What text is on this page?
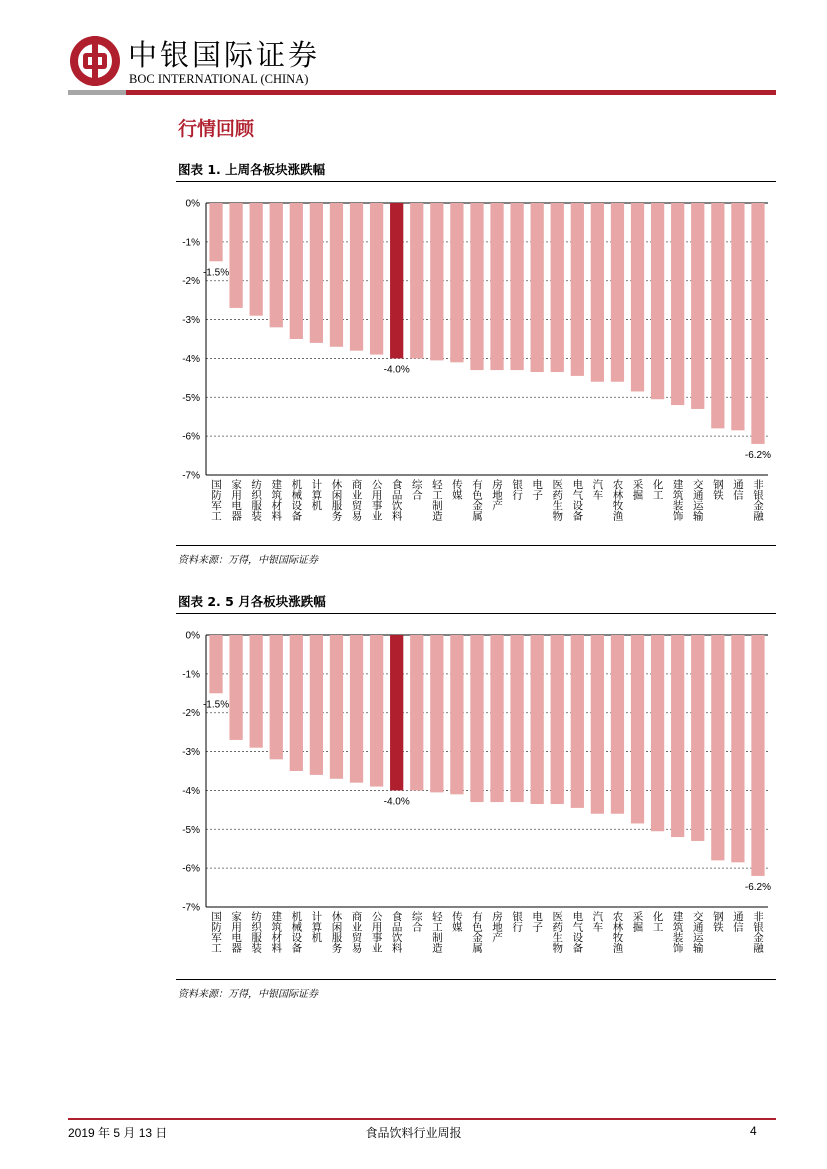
中银国际证券
BOC INTERNATIONAL (CHINA)
行情回顾
图表 1. 上周各板块涨跌幅
0%
-1%
-2%
-3%
-4%
-5%
-6%
-7%
国防军工 家用电器 纺织服装 建筑材料 机械设备 计算机 休闲服务 商业贸易 公用事业 食品饮料 综合 轻工制造 传媒 有色金属 房地产 银行 电子 医药生物 电气设备 汽车 农林牧渔 采掘 化工 建筑装饰 交通运输 钢铁 通信 非银金融
-1.5%
-4.0%
-6.2%
资料来源：万得，中银国际证券
图表 2. 5 月各板块涨跌幅
0%
-1%
-2%
-3%
-4%
-5%
-6%
-7%
国防军工 家用电器 纺织服装 建筑材料 机械设备 计算机 休闲服务 商业贸易 公用事业 食品饮料 综合 轻工制造 传媒 有色金属 房地产 银行 电子 医药生物 电气设备 汽车 农林牧渔 采掘 化工 建筑装饰 交通运输 钢铁 通信 非银金融
-1.5%
-4.0%
-6.2%
资料来源：万得，中银国际证券
2019 年 5 月 13 日	食品饮料行业周报	4
